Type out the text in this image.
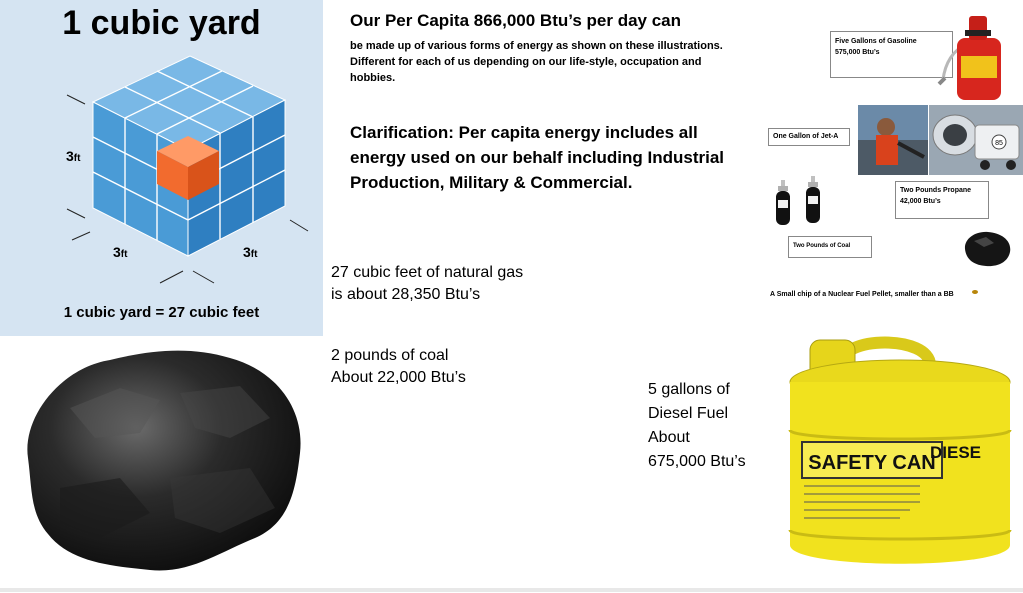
1 cubic yard
3ft
3ft	3ft
1 cubic yard = 27 cubic feet
Our Per Capita 866,000 Btu’s per day can
be made up of various forms of energy as shown on these illustrations. Different for each of us depending on our life-style, occupation and hobbies.
Clarification: Per capita energy includes all energy used on our behalf including Industrial Production, Military & Commercial.
27 cubic feet of natural gas
is about 28,350 Btu’s
2 pounds of coal
About 22,000 Btu’s
5 gallons of
Diesel Fuel
About
675,000 Btu’s
Five Gallons of Gasoline
575,000 Btu’s
One Gallon of Jet-A
85
Two Pounds Propane
42,000 Btu’s
Two Pounds of Coal
A Small chip of a Nuclear Fuel Pellet, smaller than a BB
SAFETY CAN
DIESE
